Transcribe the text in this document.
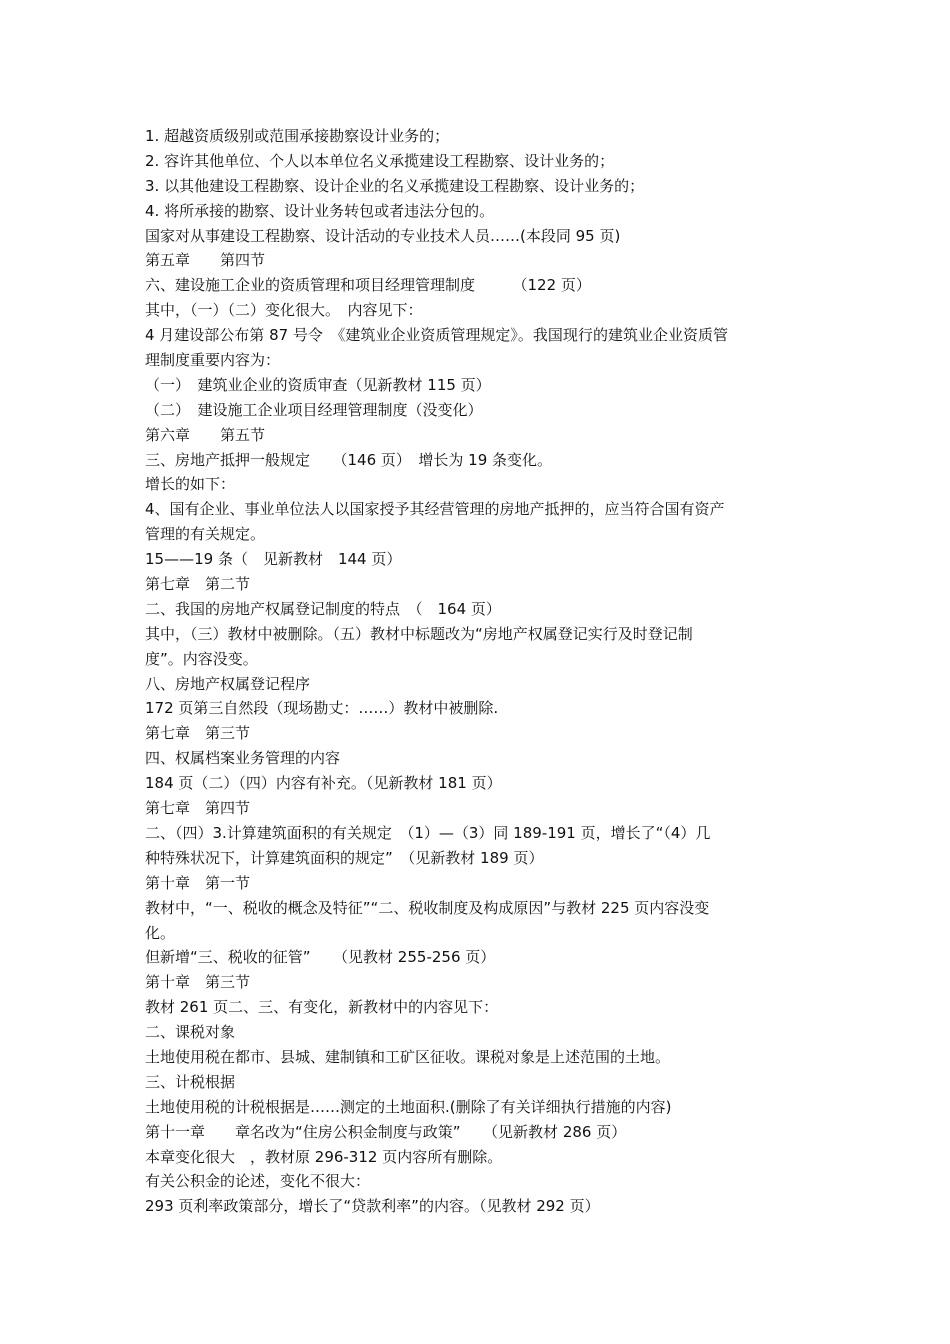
1. 超越资质级别或范围承接勘察设计业务的；
2. 容许其他单位、个人以本单位名义承揽建设工程勘察、设计业务的；
3. 以其他建设工程勘察、设计企业的名义承揽建设工程勘察、设计业务的；
4. 将所承接的勘察、设计业务转包或者违法分包的。
国家对从事建设工程勘察、设计活动的专业技术人员……(本段同 95 页)
第五章　　第四节
六、建设施工企业的资质管理和项目经理管理制度　　　（122 页）
其中，（一）（二）变化很大。　内容见下：
4 月建设部公布第 87 号令　《建筑业企业资质管理规定》。我国现行的建筑业企业资质管
理制度重要内容为：
（一）　建筑业企业的资质审查（见新教材 115 页）
（二）　建设施工企业项目经理管理制度（没变化）
第六章　　第五节
三、房地产抵押一般规定　　（146 页）　增长为 19 条变化。
增长的如下：
4、国有企业、事业单位法人以国家授予其经营管理的房地产抵押的，应当符合国有资产
管理的有关规定。
15——19 条（　见新教材　144 页）
第七章　第二节
二、我国的房地产权属登记制度的特点　（　164 页）
其中，（三）教材中被删除。（五）教材中标题改为“房地产权属登记实行及时登记制
度”。内容没变。
八、房地产权属登记程序
172 页第三自然段（现场勘丈：……）教材中被删除.
第七章　第三节
四、权属档案业务管理的内容
184 页（二）（四）内容有补充。（见新教材 181 页）
第七章　第四节
二、（四）3.计算建筑面积的有关规定　（1）—（3）同 189-191 页，增长了“（4）几
种特殊状况下，计算建筑面积的规定”　（见新教材 189 页）
第十章　第一节
教材中，“一、税收的概念及特征”“二、税收制度及构成原因”与教材 225 页内容没变
化。
但新增“三、税收的征管”　　（见教材 255-256 页）
第十章　第三节
教材 261 页二、三、有变化，新教材中的内容见下：
二、课税对象
土地使用税在都市、县城、建制镇和工矿区征收。课税对象是上述范围的土地。
三、计税根据
土地使用税的计税根据是……测定的土地面积.(删除了有关详细执行措施的内容)
第十一章　　章名改为“住房公积金制度与政策”　　（见新教材 286 页）
本章变化很大　，教材原 296-312 页内容所有删除。
有关公积金的论述，变化不很大：
293 页利率政策部分，增长了“贷款利率”的内容。（见教材 292 页）
